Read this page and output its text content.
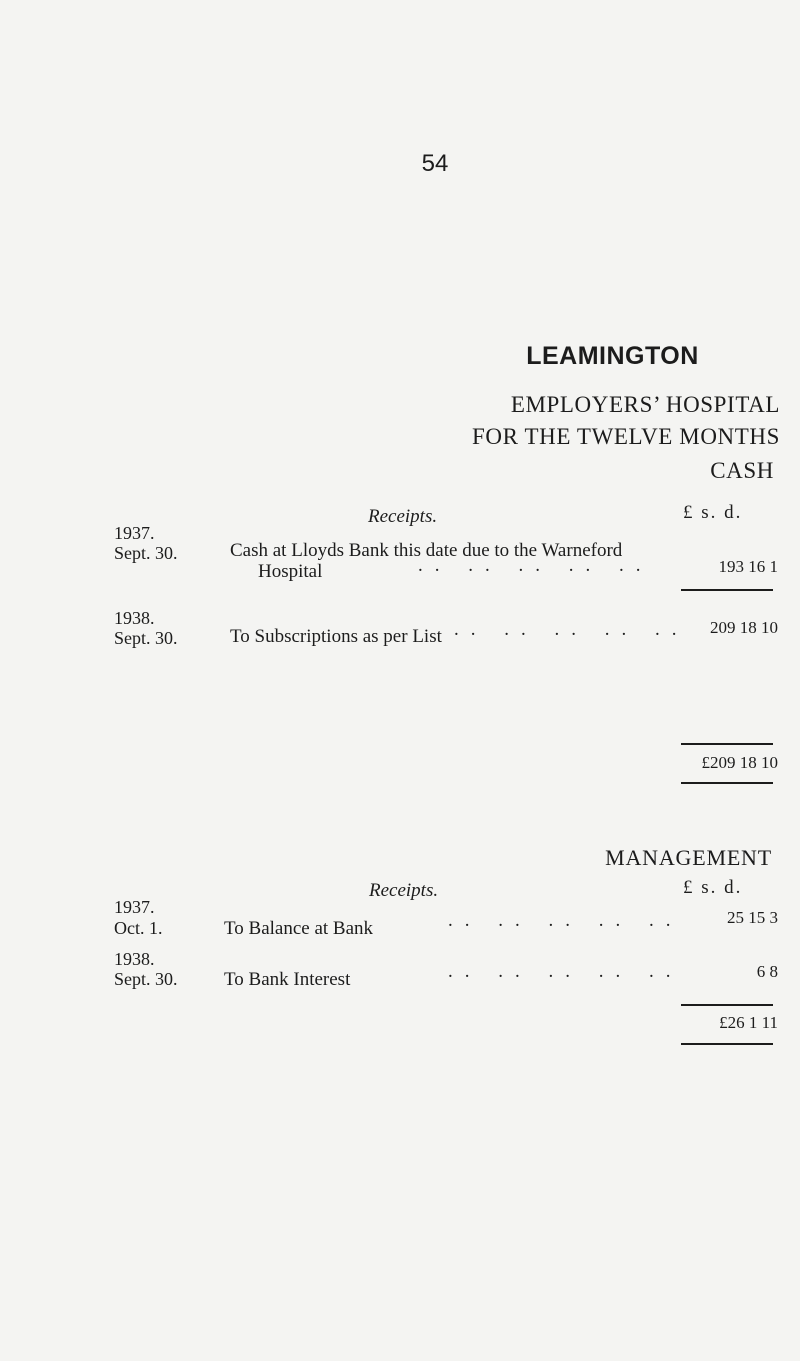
54
LEAMINGTON
EMPLOYERS’ HOSPITAL
FOR THE TWELVE MONTHS
CASH
Receipts.	£ s. d.
1937.
Sept. 30.	Cash at Lloyds Bank this date due to the Warneford
Hospital	.. .. .. .. ..	193 16 1
1938.
Sept. 30.	To Subscriptions as per List .. .. .. .. .. 209 18 10
£209 18 10
MANAGEMENT
Receipts.	£ s. d.
1937.
Oct. 1.	To Balance at Bank	.. .. .. .. ..	25 15 3
1938.
Sept. 30. To Bank Interest	.. .. .. .. ..	6 8
£26 1 11
